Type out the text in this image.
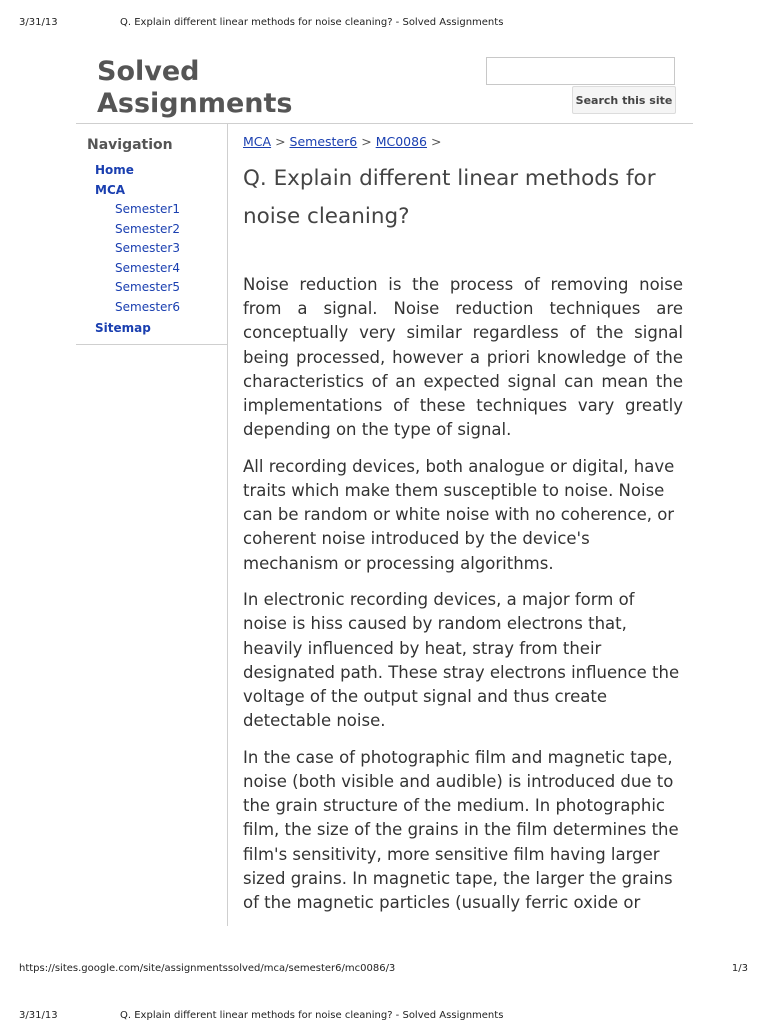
3/31/13	Q. Explain different linear methods for noise cleaning? - Solved Assignments
Solved Assignments	Search this site
Navigation
Home
MCA
Semester1
Semester2
Semester3
Semester4
Semester5
Semester6
Sitemap
MCA > Semester6 > MC0086 >
Q. Explain different linear methods for noise cleaning?

Noise reduction is the process of removing noise from a signal. Noise reduction techniques are conceptually very similar regardless of the signal being processed, however a priori knowledge of the characteristics of an expected signal can mean the implementations of these techniques vary greatly depending on the type of signal.

All recording devices, both analogue or digital, have traits which make them susceptible to noise. Noise can be random or white noise with no coherence, or coherent noise introduced by the device's mechanism or processing algorithms.

In electronic recording devices, a major form of noise is hiss caused by random electrons that, heavily influenced by heat, stray from their designated path. These stray electrons influence the voltage of the output signal and thus create detectable noise.

In the case of photographic film and magnetic tape, noise (both visible and audible) is introduced due to the grain structure of the medium. In photographic film, the size of the grains in the film determines the film's sensitivity, more sensitive film having larger sized grains. In magnetic tape, the larger the grains of the magnetic particles (usually ferric oxide or

https://sites.google.com/site/assignmentssolved/mca/semester6/mc0086/3	1/3
3/31/13	Q. Explain different linear methods for noise cleaning? - Solved Assignments
